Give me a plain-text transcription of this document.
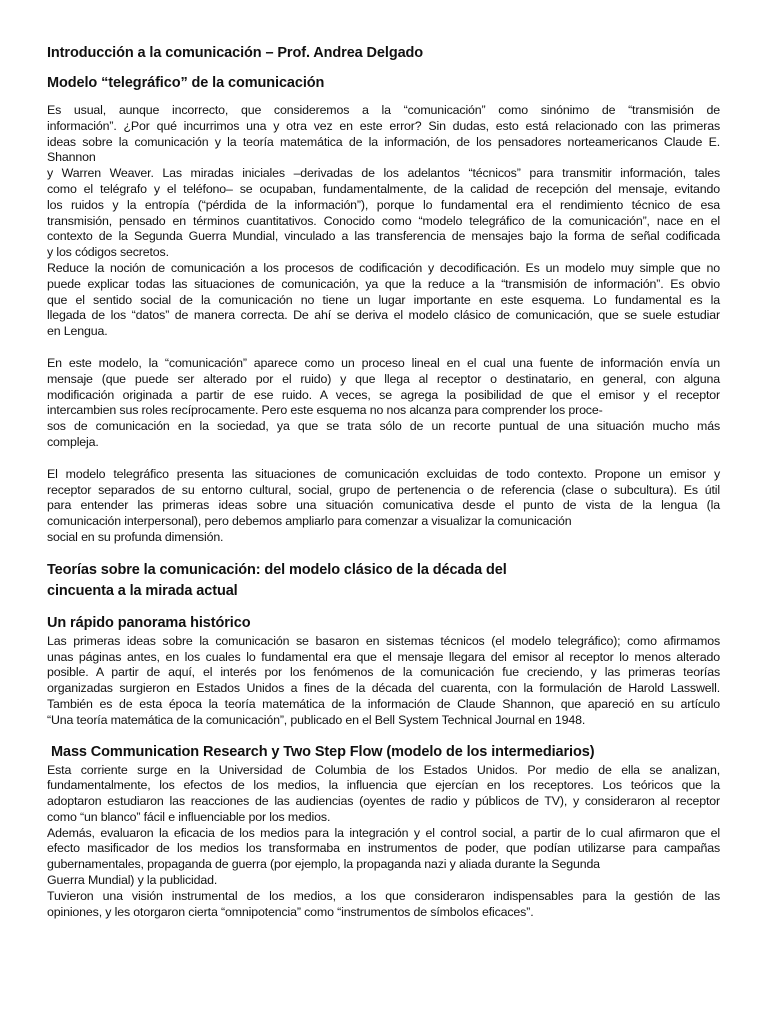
Introducción a la comunicación – Prof. Andrea Delgado
Modelo “telegráfico” de la comunicación

Es usual, aunque incorrecto, que consideremos a la “comunicación” como sinónimo de “transmisión de
información”. ¿Por qué incurrimos una y otra vez en este error? Sin dudas, esto está relacionado con las primeras
ideas sobre la comunicación y la teoría matemática de la información, de los pensadores norteamericanos Claude E.
Shannon

y Warren Weaver. Las miradas iniciales –derivadas de los adelantos “técnicos” para transmitir información, tales
como el telégrafo y el teléfono– se ocupaban, fundamentalmente, de la calidad de recepción del mensaje, evitando
los ruidos y la entropía (“pérdida de la información”), porque lo fundamental era el rendimiento técnico de esa
transmisión, pensado en términos cuantitativos. Conocido como “modelo telegráfico de la comunicación”, nace en el
contexto de la Segunda Guerra Mundial, vinculado a las transferencia de mensajes bajo la forma de señal codificada
y los códigos secretos.

Reduce la noción de comunicación a los procesos de codificación y decodificación. Es un modelo muy simple que no
puede explicar todas las situaciones de comunicación, ya que la reduce a la “transmisión de información”. Es obvio
que el sentido social de la comunicación no tiene un lugar importante en este esquema. Lo fundamental es la
llegada de los “datos” de manera correcta. De ahí se deriva el modelo clásico de comunicación, que se suele estudiar
en Lengua.

En este modelo, la “comunicación” aparece como un proceso lineal en el cual una fuente de información envía un
mensaje (que puede ser alterado por el ruido) y que llega al receptor o destinatario, en general, con alguna
modificación originada a partir de ese ruido. A veces, se agrega la posibilidad de que el emisor y el receptor
intercambien sus roles recíprocamente. Pero este esquema no nos alcanza para comprender los proce-

sos de comunicación en la sociedad, ya que se trata sólo de un recorte puntual de una situación mucho más
compleja.

El modelo telegráfico presenta las situaciones de comunicación excluidas de todo contexto. Propone un emisor y
receptor separados de su entorno cultural, social, grupo de pertenencia o de referencia (clase o subcultura). Es útil
para entender las primeras ideas sobre una situación comunicativa desde el punto de vista de la lengua (la
comunicación interpersonal), pero debemos ampliarlo para comenzar a visualizar la comunicación

social en su profunda dimensión.

Teorías sobre la comunicación: del modelo clásico de la década del
cincuenta a la mirada actual
Un rápido panorama histórico

Las primeras ideas sobre la comunicación se basaron en sistemas técnicos (el modelo telegráfico); como afirmamos
unas páginas antes, en los cuales lo fundamental era que el mensaje llegara del emisor al receptor lo menos alterado
posible. A partir de aquí, el interés por los fenómenos de la comunicación fue creciendo, y las primeras teorías
organizadas surgieron en Estados Unidos a fines de la década del cuarenta, con la formulación de Harold Lasswell.
También es de esta época la teoría matemática de la información de Claude Shannon, que apareció en su artículo
“Una teoría matemática de la comunicación”, publicado en el Bell System Technical Journal en 1948.

Mass Communication Research y Two Step Flow (modelo de los intermediarios)

Esta corriente surge en la Universidad de Columbia de los Estados Unidos. Por medio de ella se analizan,
fundamentalmente, los efectos de los medios, la influencia que ejercían en los receptores. Los teóricos que la
adoptaron estudiaron las reacciones de las audiencias (oyentes de radio y públicos de TV), y consideraron al receptor
como “un blanco” fácil e influenciable por los medios.

Además, evaluaron la eficacia de los medios para la integración y el control social, a partir de lo cual afirmaron que el
efecto masificador de los medios los transformaba en instrumentos de poder, que podían utilizarse para campañas
gubernamentales, propaganda de guerra (por ejemplo, la propaganda nazi y aliada durante la Segunda

Guerra Mundial) y la publicidad.

Tuvieron una visión instrumental de los medios, a los que consideraron indispensables para la gestión de las
opiniones, y les otorgaron cierta “omnipotencia” como “instrumentos de símbolos eficaces”.
